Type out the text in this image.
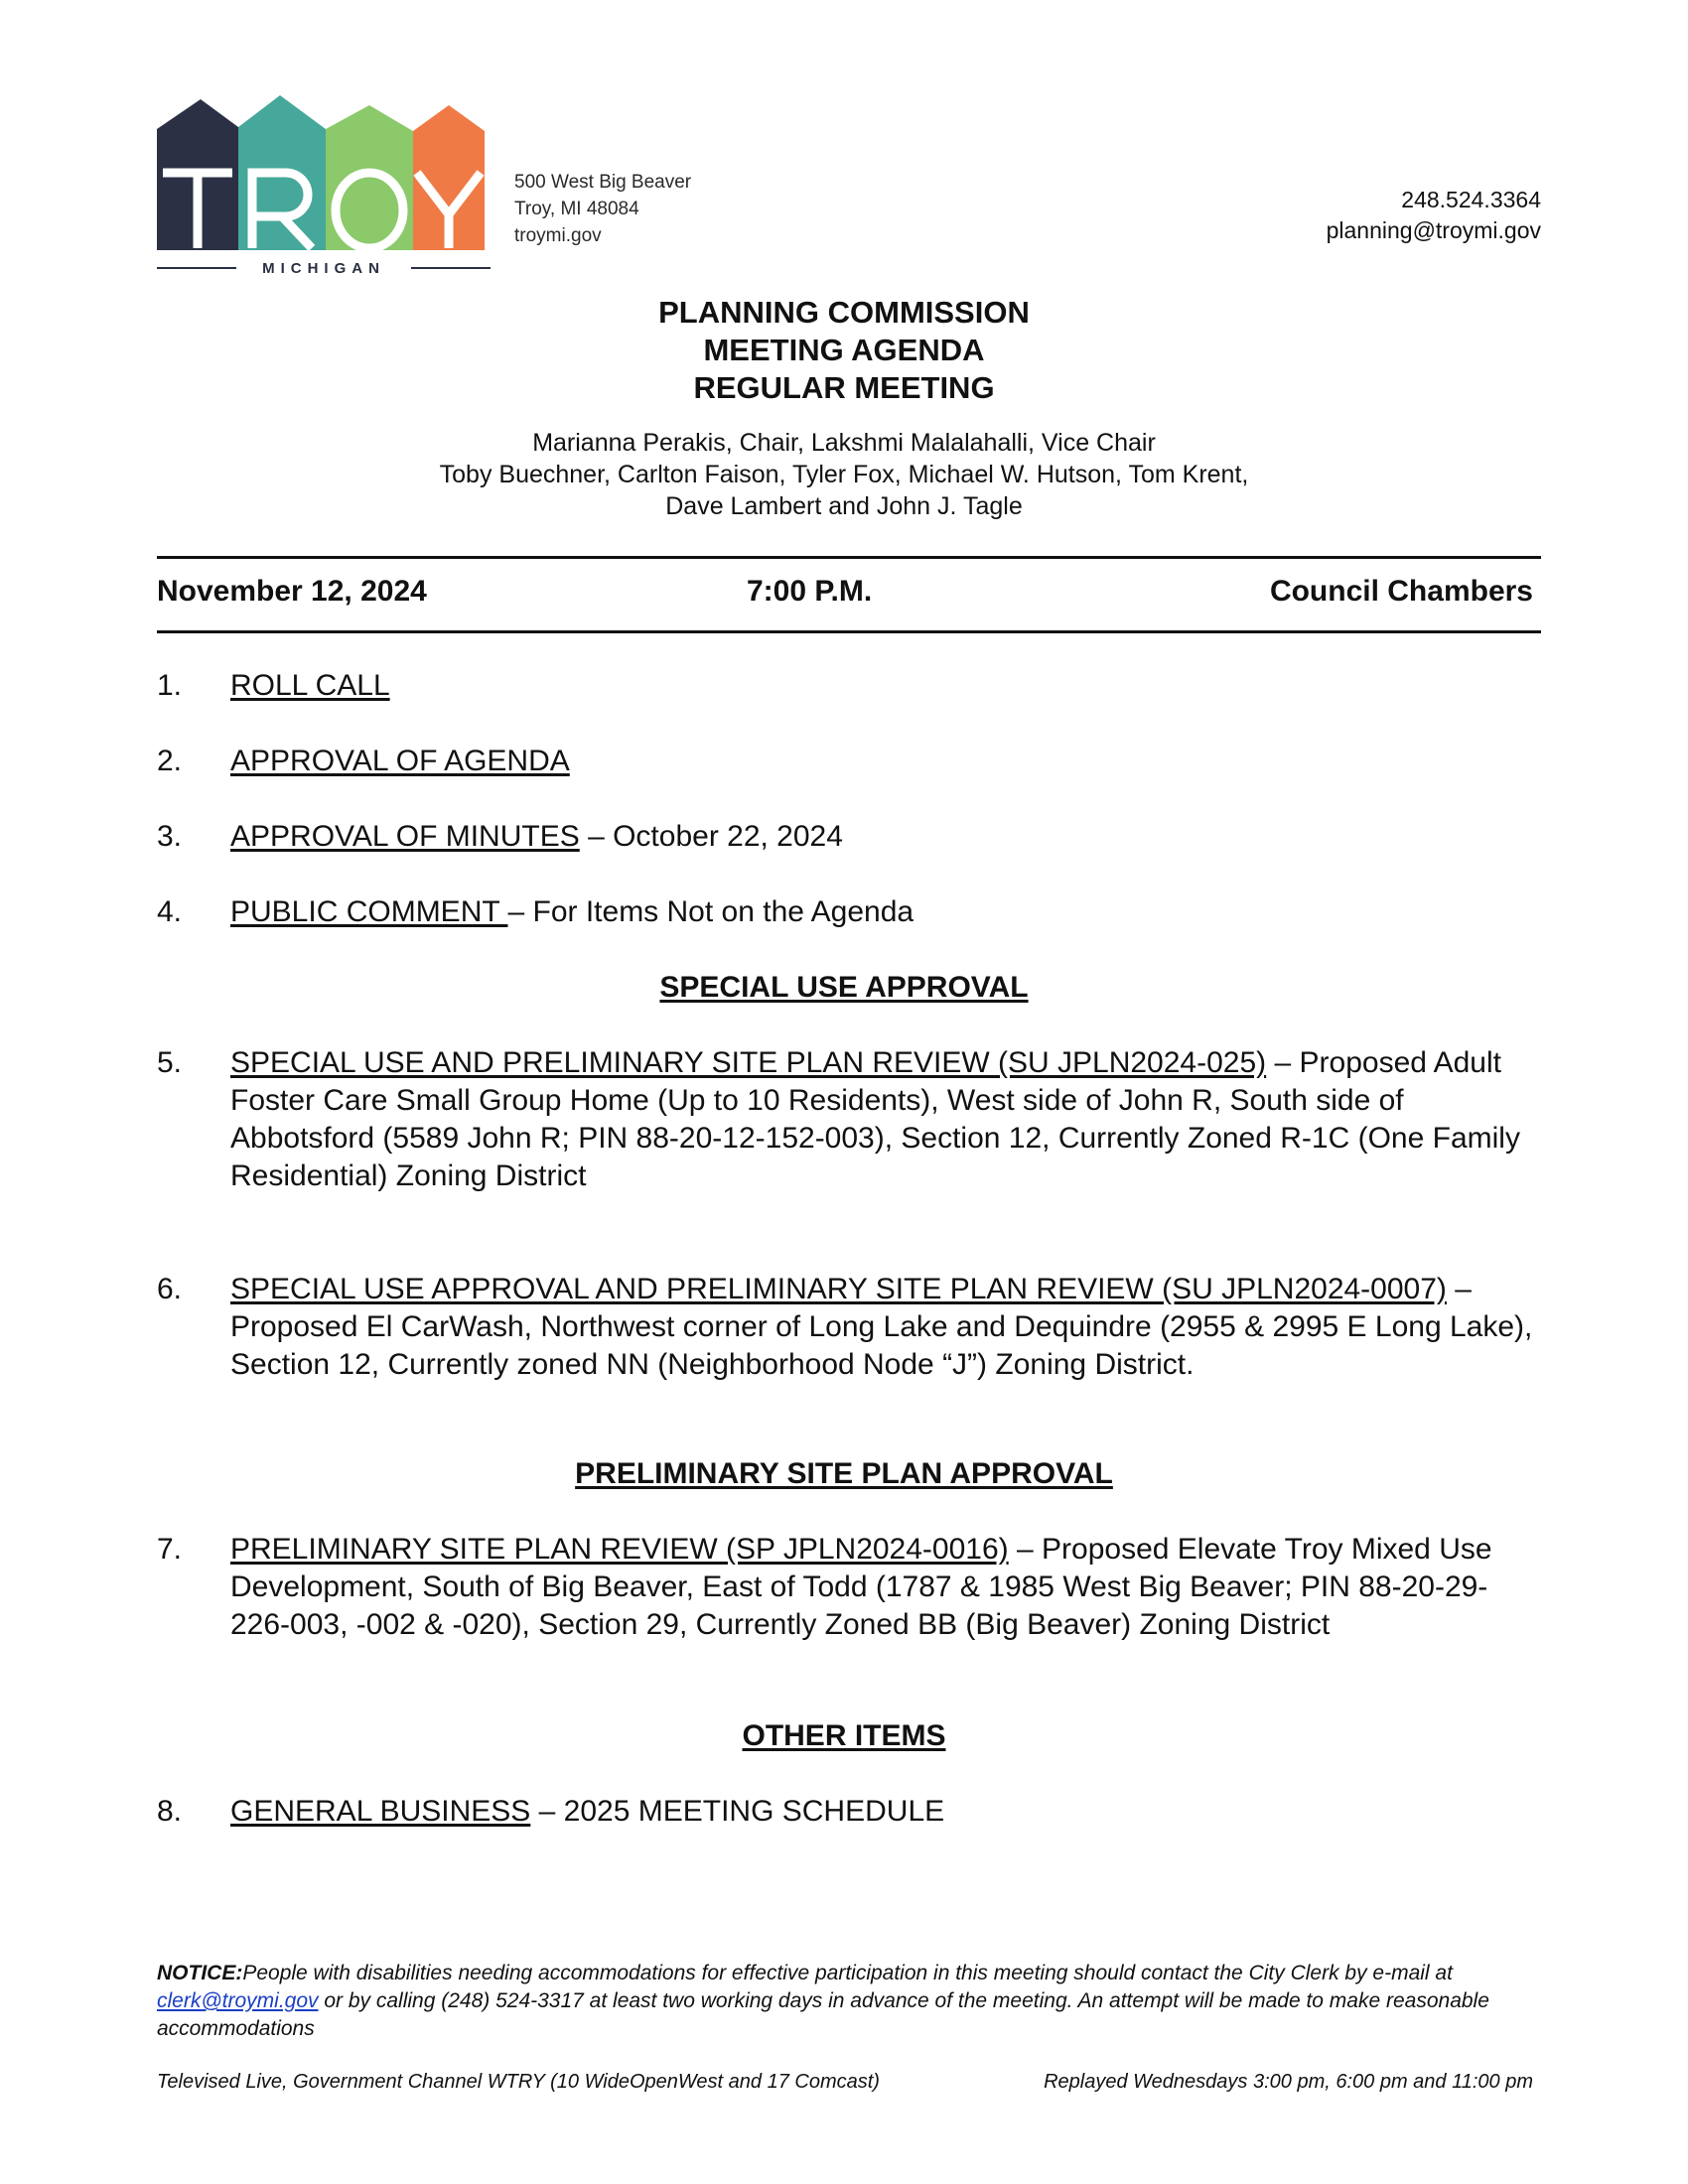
MICHIGAN
500 West Big Beaver
Troy, MI 48084
troymi.gov
248.524.3364
planning@troymi.gov
PLANNING COMMISSION
MEETING AGENDA
REGULAR MEETING
Marianna Perakis, Chair, Lakshmi Malalahalli, Vice Chair
Toby Buechner, Carlton Faison, Tyler Fox, Michael W. Hutson, Tom Krent,
Dave Lambert and John J. Tagle
November 12, 2024	7:00 P.M.	Council Chambers
1. ROLL CALL
2. APPROVAL OF AGENDA
3. APPROVAL OF MINUTES – October 22, 2024
4. PUBLIC COMMENT – For Items Not on the Agenda
SPECIAL USE APPROVAL
5. SPECIAL USE AND PRELIMINARY SITE PLAN REVIEW (SU JPLN2024-025) – Proposed Adult Foster Care Small Group Home (Up to 10 Residents), West side of John R, South side of Abbotsford (5589 John R; PIN 88-20-12-152-003), Section 12, Currently Zoned R-1C (One Family Residential) Zoning District
6. SPECIAL USE APPROVAL AND PRELIMINARY SITE PLAN REVIEW (SU JPLN2024-0007) – Proposed El CarWash, Northwest corner of Long Lake and Dequindre (2955 & 2995 E Long Lake), Section 12, Currently zoned NN (Neighborhood Node “J”) Zoning District.
PRELIMINARY SITE PLAN APPROVAL
7. PRELIMINARY SITE PLAN REVIEW (SP JPLN2024-0016) – Proposed Elevate Troy Mixed Use Development, South of Big Beaver, East of Todd (1787 & 1985 West Big Beaver; PIN 88-20-29-226-003, -002 & -020), Section 29, Currently Zoned BB (Big Beaver) Zoning District
OTHER ITEMS
8. GENERAL BUSINESS – 2025 MEETING SCHEDULE
NOTICE:People with disabilities needing accommodations for effective participation in this meeting should contact the City Clerk by e-mail at clerk@troymi.gov or by calling (248) 524-3317 at least two working days in advance of the meeting. An attempt will be made to make reasonable accommodations
Televised Live, Government Channel WTRY (10 WideOpenWest and 17 Comcast)	Replayed Wednesdays 3:00 pm, 6:00 pm and 11:00 pm
